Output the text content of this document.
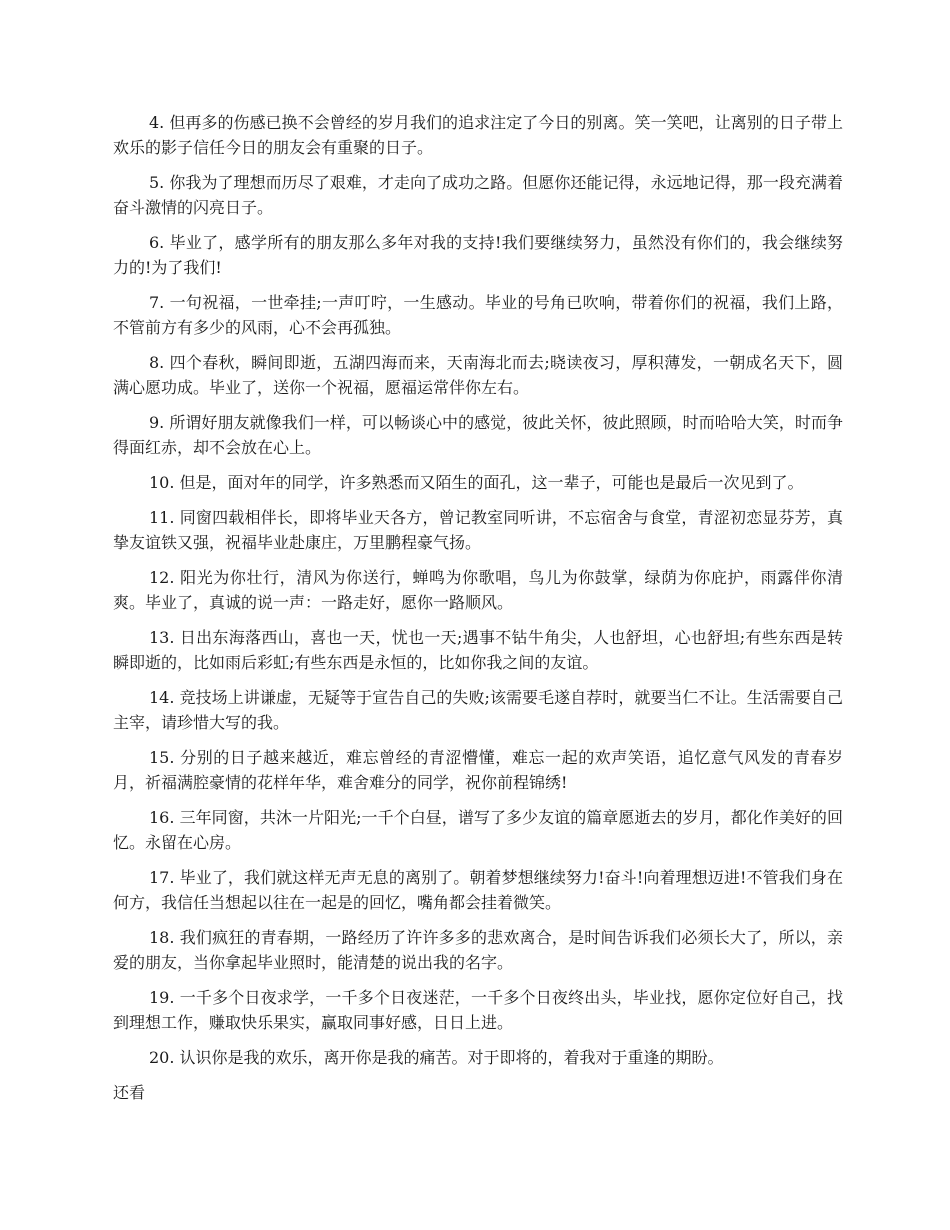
4. 但再多的伤感已换不会曾经的岁月我们的追求注定了今日的别离。笑一笑吧，让离别的日子带上欢乐的影子信任今日的朋友会有重聚的日子。

5. 你我为了理想而历尽了艰难，才走向了成功之路。但愿你还能记得，永远地记得，那一段充满着奋斗激情的闪亮日子。

6. 毕业了，感学所有的朋友那么多年对我的支持!我们要继续努力，虽然没有你们的，我会继续努力的!为了我们!

7. 一句祝福，一世牵挂;一声叮咛，一生感动。毕业的号角已吹响，带着你们的祝福，我们上路，不管前方有多少的风雨，心不会再孤独。

8. 四个春秋，瞬间即逝，五湖四海而来，天南海北而去;晓读夜习，厚积薄发，一朝成名天下，圆满心愿功成。毕业了，送你一个祝福，愿福运常伴你左右。

9. 所谓好朋友就像我们一样，可以畅谈心中的感觉，彼此关怀，彼此照顾，时而哈哈大笑，时而争得面红赤，却不会放在心上。

10. 但是，面对年的同学，许多熟悉而又陌生的面孔，这一辈子，可能也是最后一次见到了。

11. 同窗四载相伴长，即将毕业天各方，曾记教室同听讲，不忘宿舍与食堂，青涩初恋显芬芳，真挚友谊铁又强，祝福毕业赴康庄，万里鹏程豪气扬。

12. 阳光为你壮行，清风为你送行，蝉鸣为你歌唱，鸟儿为你鼓掌，绿荫为你庇护，雨露伴你清爽。毕业了，真诚的说一声：一路走好，愿你一路顺风。

13. 日出东海落西山，喜也一天，忧也一天;遇事不钻牛角尖，人也舒坦，心也舒坦;有些东西是转瞬即逝的，比如雨后彩虹;有些东西是永恒的，比如你我之间的友谊。

14. 竞技场上讲谦虚，无疑等于宣告自己的失败;该需要毛遂自荐时，就要当仁不让。生活需要自己主宰，请珍惜大写的我。

15. 分别的日子越来越近，难忘曾经的青涩懵懂，难忘一起的欢声笑语，追忆意气风发的青春岁月，祈福满腔豪情的花样年华，难舍难分的同学，祝你前程锦绣!

16. 三年同窗，共沐一片阳光;一千个白昼，谱写了多少友谊的篇章愿逝去的岁月，都化作美好的回忆。永留在心房。

17. 毕业了，我们就这样无声无息的离别了。朝着梦想继续努力!奋斗!向着理想迈进!不管我们身在何方，我信任当想起以往在一起是的回忆，嘴角都会挂着微笑。

18. 我们疯狂的青春期，一路经历了许许多多的悲欢离合，是时间告诉我们必须长大了，所以，亲爱的朋友，当你拿起毕业照时，能清楚的说出我的名字。

19. 一千多个日夜求学，一千多个日夜迷茫，一千多个日夜终出头，毕业找，愿你定位好自己，找到理想工作，赚取快乐果实，赢取同事好感，日日上进。

20. 认识你是我的欢乐，离开你是我的痛苦。对于即将的，着我对于重逢的期盼。

还看
